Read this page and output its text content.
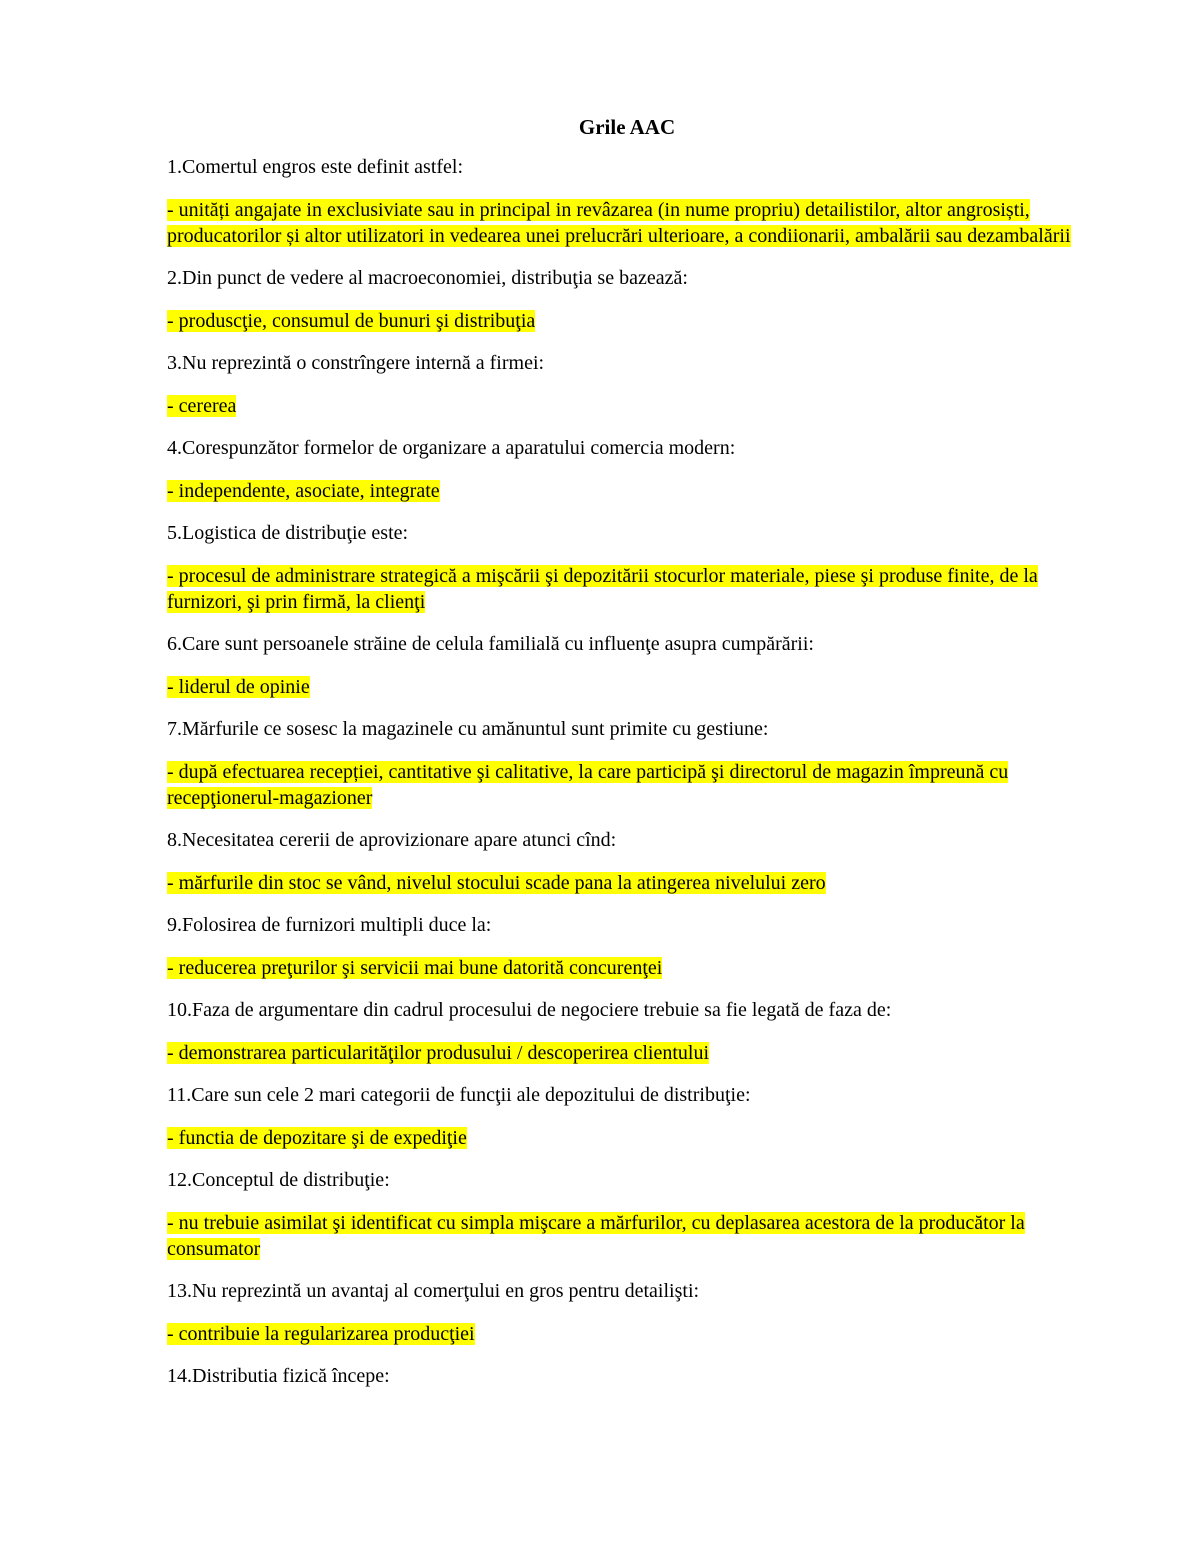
Grile AAC
1.Comertul engros este definit astfel:
- unități angajate in exclusiviate sau in principal in revâzarea (in nume propriu) detailistilor, altor angrosiști, producatorilor și altor utilizatori in vedearea unei prelucrări ulterioare, a condiionarii, ambalării sau dezambalării
2.Din punct de vedere al macroeconomiei, distribuţia se bazează:
- produscţie, consumul de bunuri şi distribuţia
3.Nu reprezintă o constrîngere internă a firmei:
- cererea
4.Corespunzător formelor de organizare a aparatului comercia modern:
- independente, asociate, integrate
5.Logistica de distribuţie este:
- procesul de administrare strategică a mişcării şi depozitării stocurlor materiale, piese şi produse finite, de la furnizori, şi prin firmă, la clienţi
6.Care sunt persoanele străine de celula familială cu influenţe asupra cumpărării:
- liderul de opinie
7.Mărfurile ce sosesc la magazinele cu amănuntul sunt primite cu gestiune:
- după efectuarea recepției, cantitative şi calitative, la care participă şi directorul de magazin împreună cu recepţionerul-magazioner
8.Necesitatea cererii de aprovizionare apare atunci cînd:
- mărfurile din stoc se vând, nivelul stocului scade pana la atingerea nivelului zero
9.Folosirea de furnizori multipli duce la:
- reducerea preţurilor şi servicii mai bune datorită concurenţei
10.Faza de argumentare din cadrul procesului de negociere trebuie sa fie legată de faza de:
- demonstrarea particularităţilor produsului / descoperirea clientului
11.Care sun cele 2 mari categorii de funcţii ale depozitului de distribuţie:
- functia de depozitare şi de expediţie
12.Conceptul de distribuţie:
- nu trebuie asimilat şi identificat cu simpla mişcare a mărfurilor, cu deplasarea acestora de la producător la consumator
13.Nu reprezintă un avantaj al comerţului en gros pentru detailişti:
- contribuie la regularizarea producţiei
14.Distributia fizică începe:
